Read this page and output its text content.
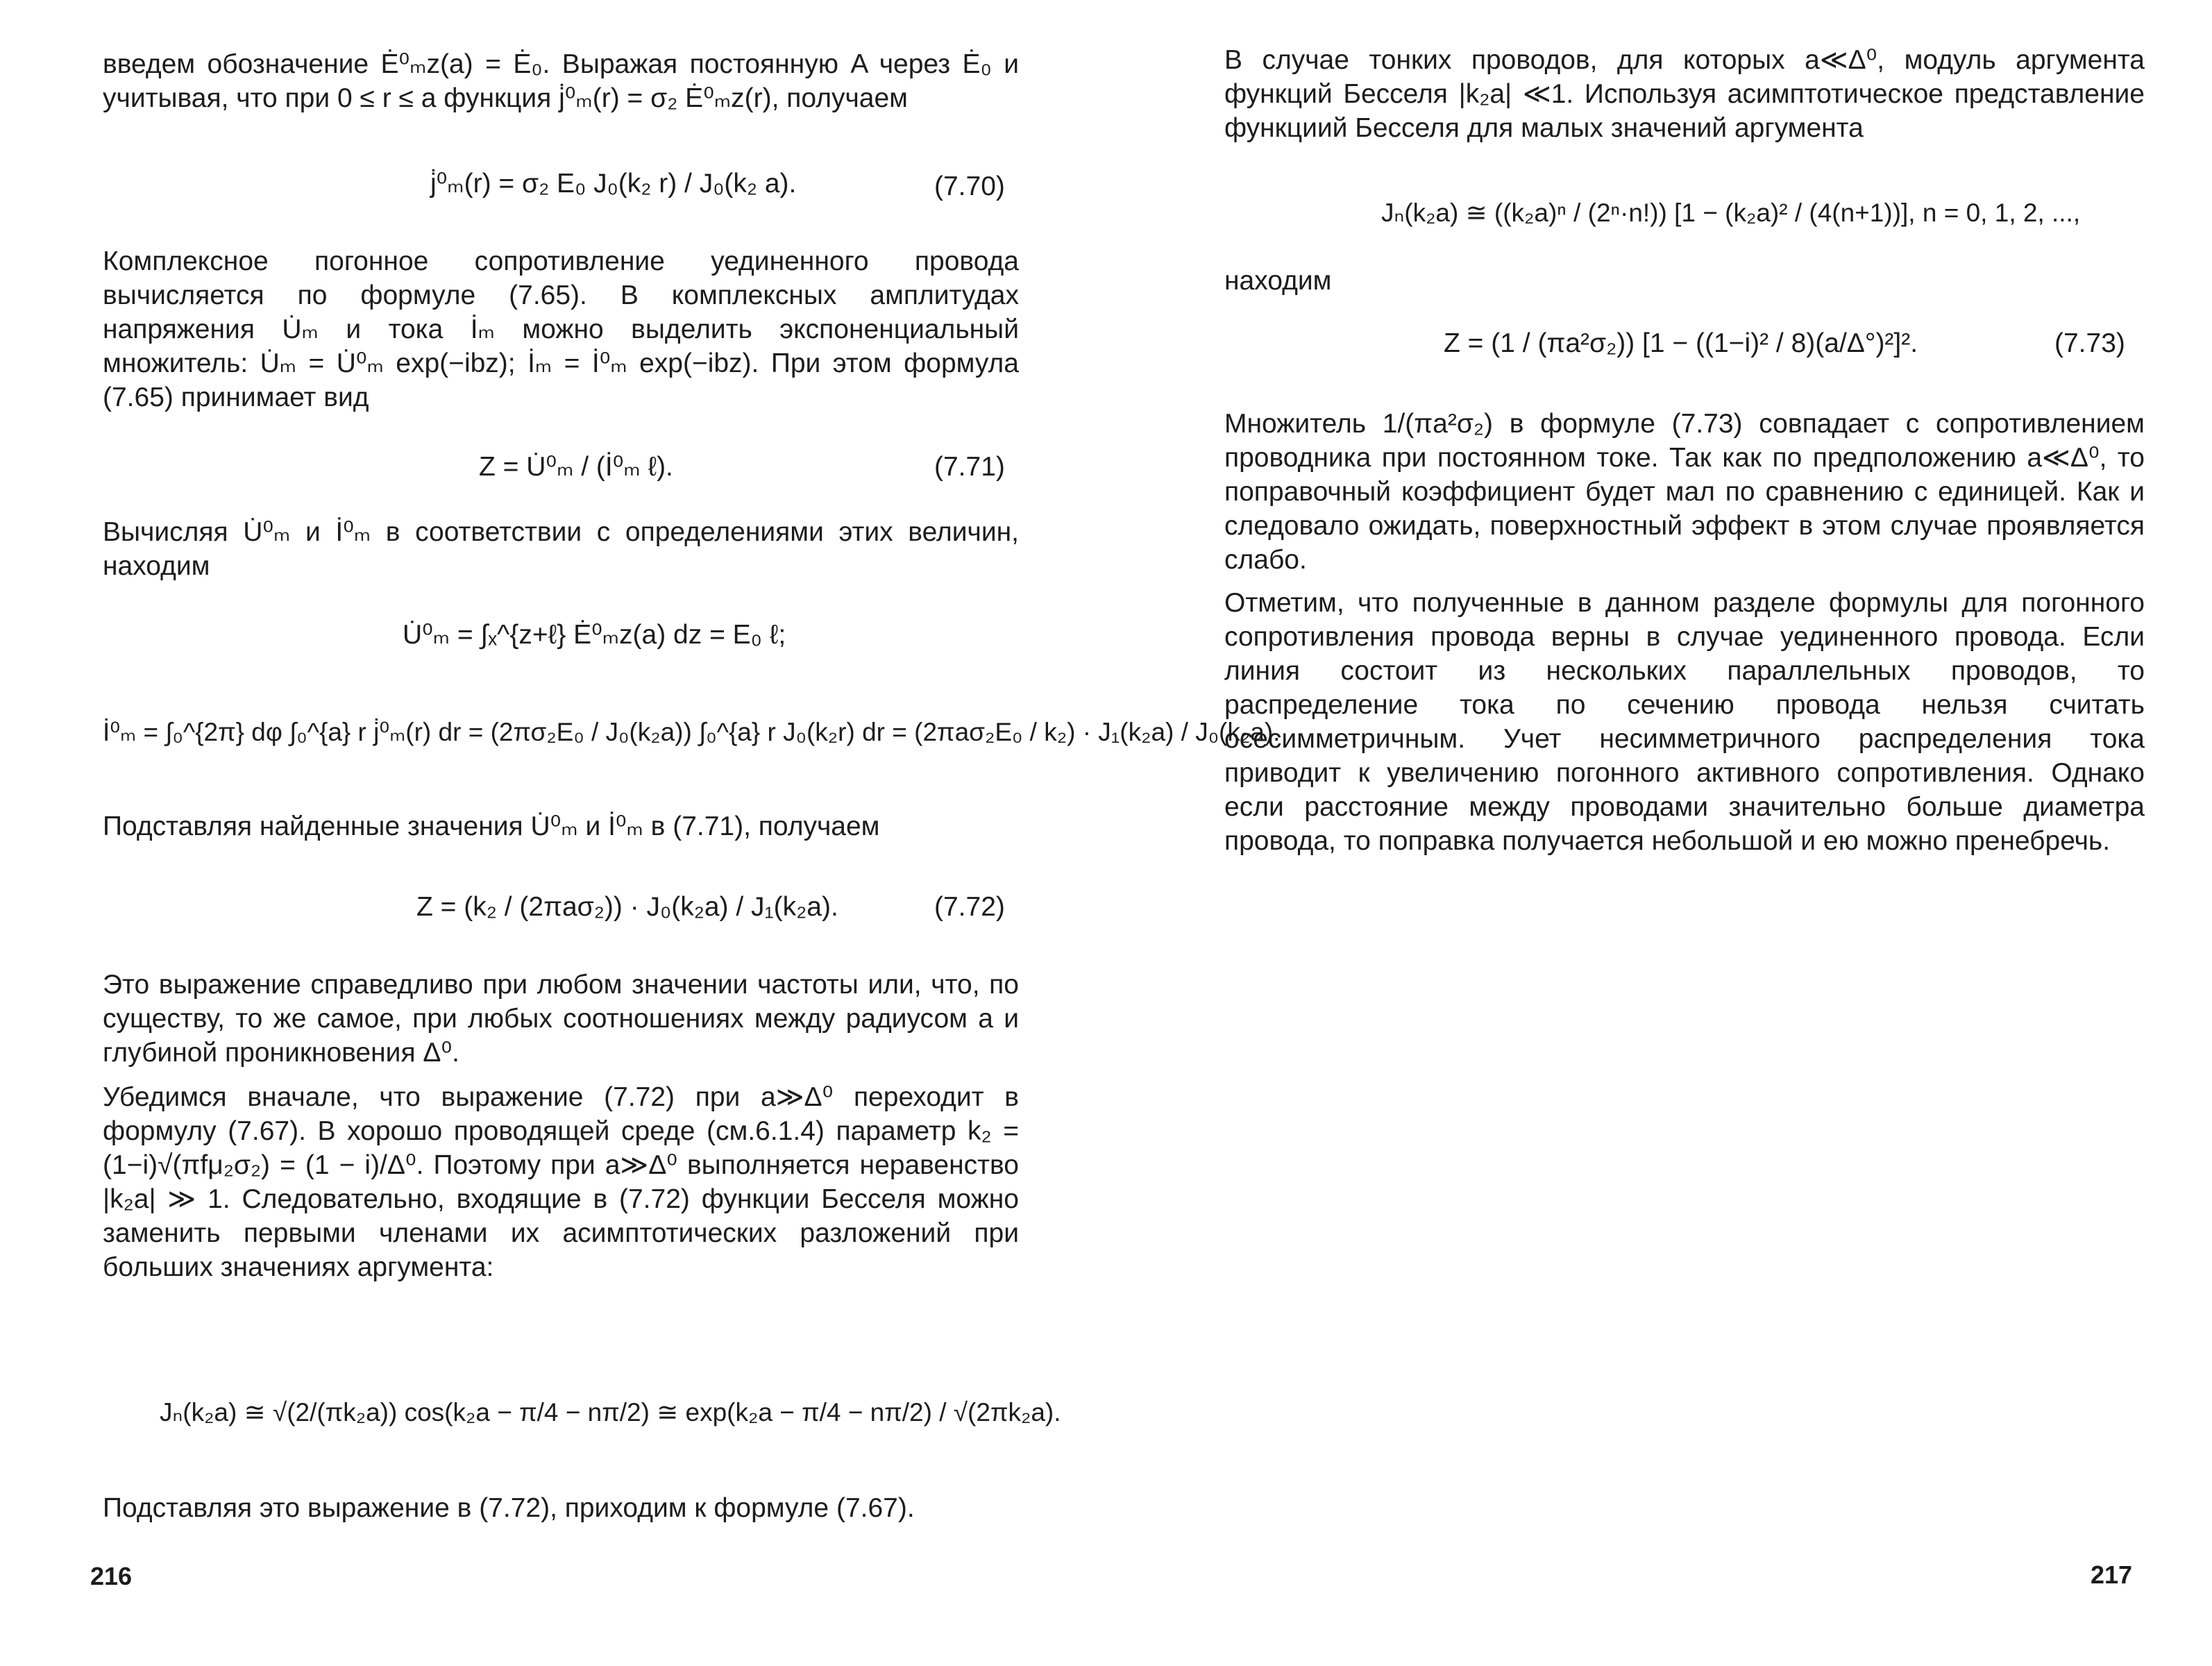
введем обозначение Ė⁰ₘz(a) = Ė₀. Выражая постоянную A через Ė₀ и учитывая, что при 0 ≤ r ≤ a функция j̇⁰ₘ(r) = σ₂ Ė⁰ₘz(r), получаем

j̇⁰ₘ(r) = σ₂ E₀ J₀(k₂ r) / J₀(k₂ a).	(7.70)

Комплексное погонное сопротивление уединенного провода вычисляется по формуле (7.65). В комплексных амплитудах напряжения U̇ₘ и тока İₘ можно выделить экспоненциальный множитель: U̇ₘ = U̇⁰ₘ exp(−ibz); İₘ = İ⁰ₘ exp(−ibz). При этом формула (7.65) принимает вид

Z = U̇⁰ₘ / (İ⁰ₘ ℓ).	(7.71)

Вычисляя U̇⁰ₘ и İ⁰ₘ в соответствии с определениями этих величин, находим

U̇⁰ₘ = ∫ₓ^{z+ℓ} Ė⁰ₘz(a) dz = E₀ ℓ;
İ⁰ₘ = ∫₀^{2π} dφ ∫₀^{a} r j̇⁰ₘ(r) dr = (2πσ₂E₀ / J₀(k₂a)) ∫₀^{a} r J₀(k₂r) dr = (2πaσ₂E₀ / k₂) · J₁(k₂a) / J₀(k₂a).

Подставляя найденные значения U̇⁰ₘ и İ⁰ₘ в (7.71), получаем

Z = (k₂ / (2πaσ₂)) · J₀(k₂a) / J₁(k₂a).	(7.72)

Это выражение справедливо при любом значении частоты или, что, по существу, то же самое, при любых соотношениях между радиусом a и глубиной проникновения Δ⁰.

Убедимся вначале, что выражение (7.72) при a≫Δ⁰ переходит в формулу (7.67). В хорошо проводящей среде (см.6.1.4) параметр k₂ = (1−i)√(πfμ₂σ₂) = (1 − i)/Δ⁰. Поэтому при a≫Δ⁰ выполняется неравенство |k₂a| ≫ 1. Следовательно, входящие в (7.72) функции Бесселя можно заменить первыми членами их асимптотических разложений при больших значениях аргумента:

Jₙ(k₂a) ≅ √(2/(πk₂a)) cos(k₂a − π/4 − nπ/2) ≅ exp(k₂a − π/4 − nπ/2) / √(2πk₂a).

Подставляя это выражение в (7.72), приходим к формуле (7.67).

216

В случае тонких проводов, для которых a≪Δ⁰, модуль аргумента функций Бесселя |k₂a| ≪1. Используя асимптотическое представление функциий Бесселя для малых значений аргумента

Jₙ(k₂a) ≅ ((k₂a)ⁿ / (2ⁿ·n!)) [1 − (k₂a)² / (4(n+1))], n = 0, 1, 2, ...,

находим

Z = (1 / (πa²σ₂)) [1 − ((1−i)² / 8)(a/Δ°)²]².	(7.73)

Множитель 1/(πa²σ₂) в формуле (7.73) совпадает с сопротивлением проводника при постоянном токе. Так как по предположению a≪Δ⁰, то поправочный коэффициент будет мал по сравнению с единицей. Как и следовало ожидать, поверхностный эффект в этом случае проявляется слабо.

Отметим, что полученные в данном разделе формулы для погонного сопротивления провода верны в случае уединенного провода. Если линия состоит из нескольких параллельных проводов, то распределение тока по сечению провода нельзя считать осесимметричным. Учет несимметричного распределения тока приводит к увеличению погонного активного сопротивления. Однако если расстояние между проводами значительно больше диаметра провода, то поправка получается небольшой и ею можно пренебречь.

217
